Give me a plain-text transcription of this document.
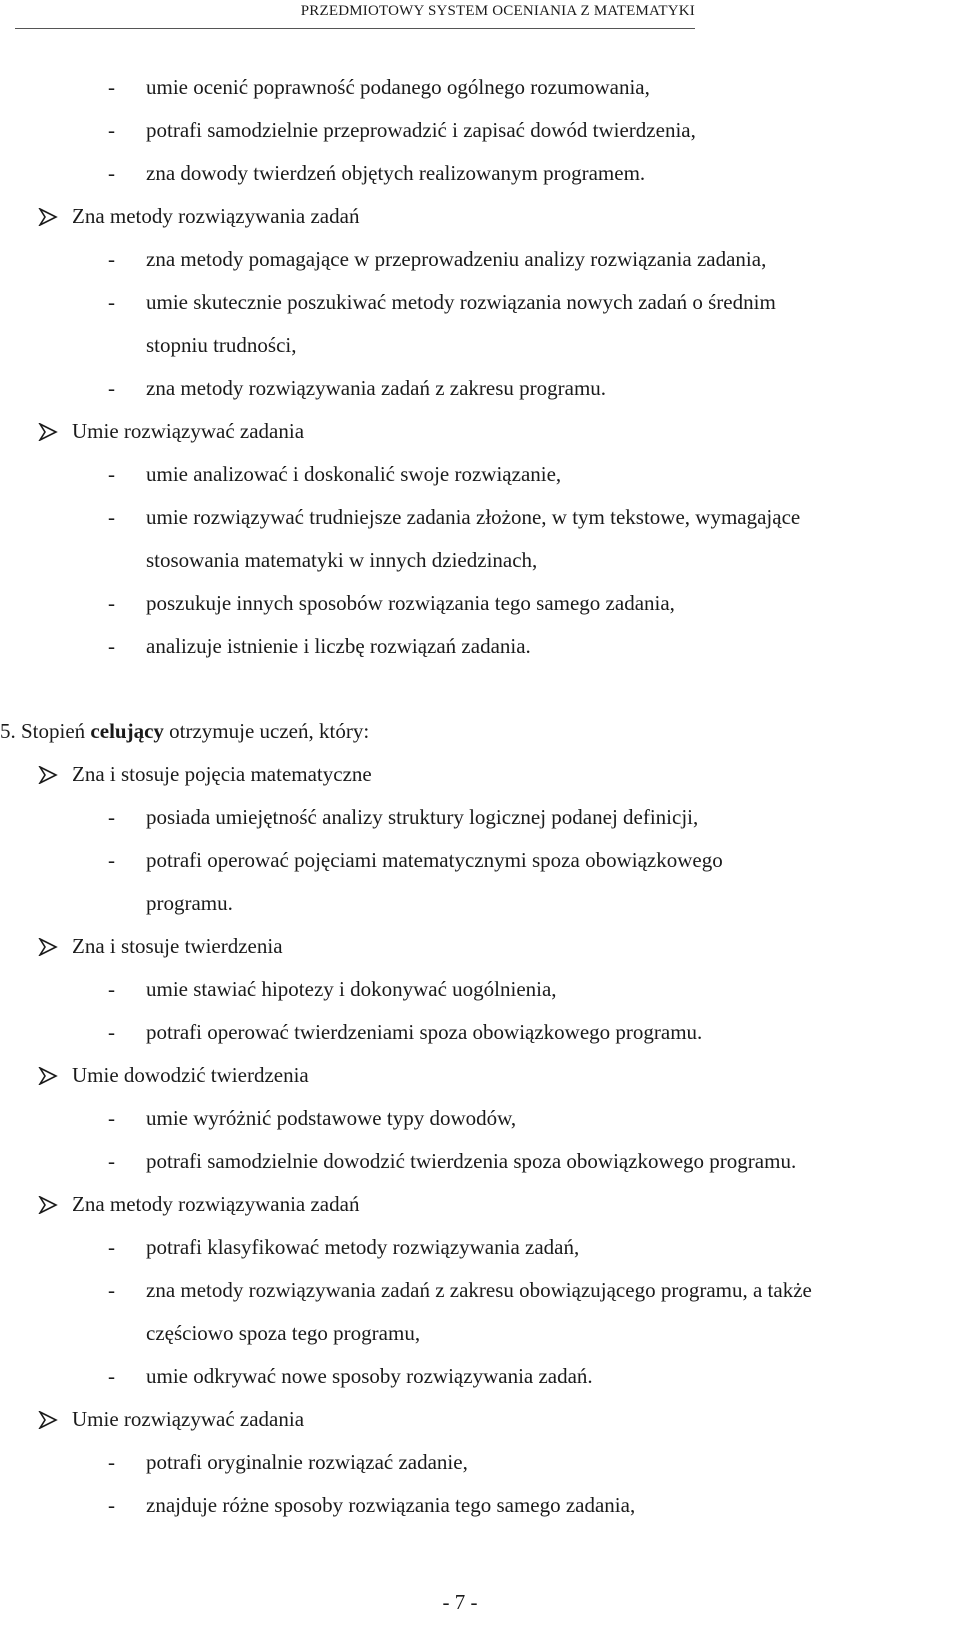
PRZEDMIOTOWY SYSTEM OCENIANIA Z MATEMATYKI
-	umie ocenić poprawność podanego ogólnego rozumowania,
-	potrafi samodzielnie przeprowadzić i zapisać dowód twierdzenia,
-	zna dowody twierdzeń objętych realizowanym programem.
Zna metody rozwiązywania zadań
-	zna metody pomagające w przeprowadzeniu analizy rozwiązania zadania,
-	umie skutecznie poszukiwać metody rozwiązania nowych zadań o średnim
stopniu trudności,
-	zna metody rozwiązywania zadań z zakresu programu.
Umie rozwiązywać zadania
-	umie analizować i doskonalić swoje rozwiązanie,
-	umie rozwiązywać trudniejsze zadania złożone, w tym tekstowe, wymagające
stosowania matematyki w innych dziedzinach,
-	poszukuje innych sposobów rozwiązania tego samego zadania,
-	analizuje istnienie i liczbę rozwiązań zadania.
5. Stopień celujący otrzymuje uczeń, który:
Zna i stosuje pojęcia matematyczne
-	posiada umiejętność analizy struktury logicznej podanej definicji,
-	potrafi operować pojęciami matematycznymi spoza obowiązkowego
programu.
Zna i stosuje twierdzenia
-	umie stawiać hipotezy i dokonywać uogólnienia,
-	potrafi operować twierdzeniami spoza obowiązkowego programu.
Umie dowodzić twierdzenia
-	umie wyróżnić podstawowe typy dowodów,
-	potrafi samodzielnie dowodzić twierdzenia spoza obowiązkowego programu.
Zna metody rozwiązywania zadań
-	potrafi klasyfikować metody rozwiązywania zadań,
-	zna metody rozwiązywania zadań z zakresu obowiązującego programu, a także
częściowo spoza tego programu,
-	umie odkrywać nowe sposoby rozwiązywania zadań.
Umie rozwiązywać zadania
-	potrafi oryginalnie rozwiązać zadanie,
-	znajduje różne sposoby rozwiązania tego samego zadania,
- 7 -
